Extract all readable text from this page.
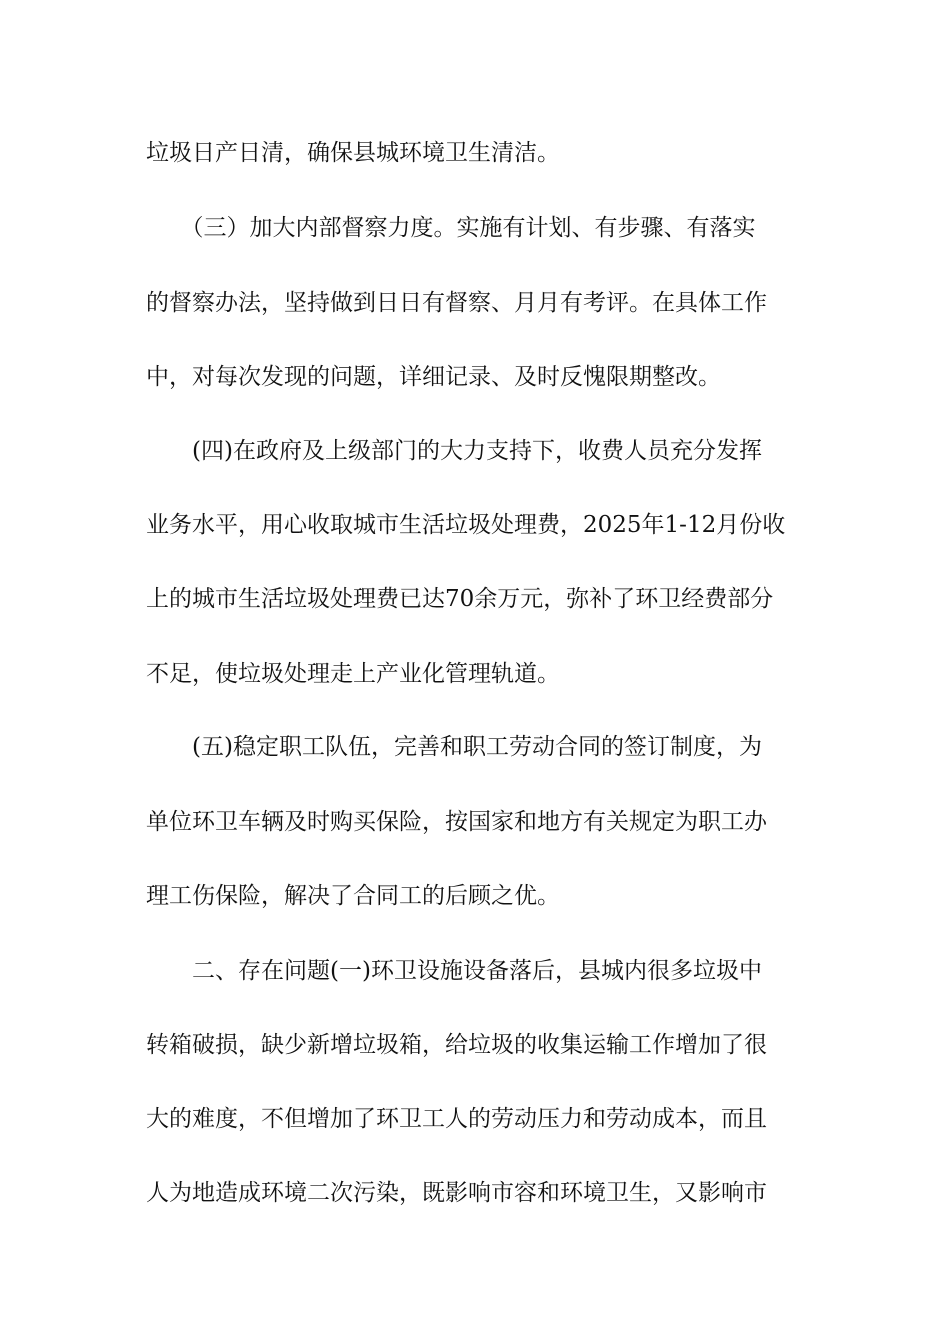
垃圾日产日清，确保县城环境卫生清洁。
　　（三）加大内部督察力度。实施有计划、有步骤、有落实
的督察办法，坚持做到日日有督察、月月有考评。在具体工作
中，对每次发现的问题，详细记录、及时反愧限期整改。
　　(四)在政府及上级部门的大力支持下，收费人员充分发挥
业务水平，用心收取城市生活垃圾处理费，2025年1-12月份收
上的城市生活垃圾处理费已达70余万元，弥补了环卫经费部分
不足，使垃圾处理走上产业化管理轨道。
　　(五)稳定职工队伍，完善和职工劳动合同的签订制度，为
单位环卫车辆及时购买保险，按国家和地方有关规定为职工办
理工伤保险，解决了合同工的后顾之优。
　　二、存在问题(一)环卫设施设备落后，县城内很多垃圾中
转箱破损，缺少新增垃圾箱，给垃圾的收集运输工作增加了很
大的难度，不但增加了环卫工人的劳动压力和劳动成本，而且
人为地造成环境二次污染，既影响市容和环境卫生，又影响市
